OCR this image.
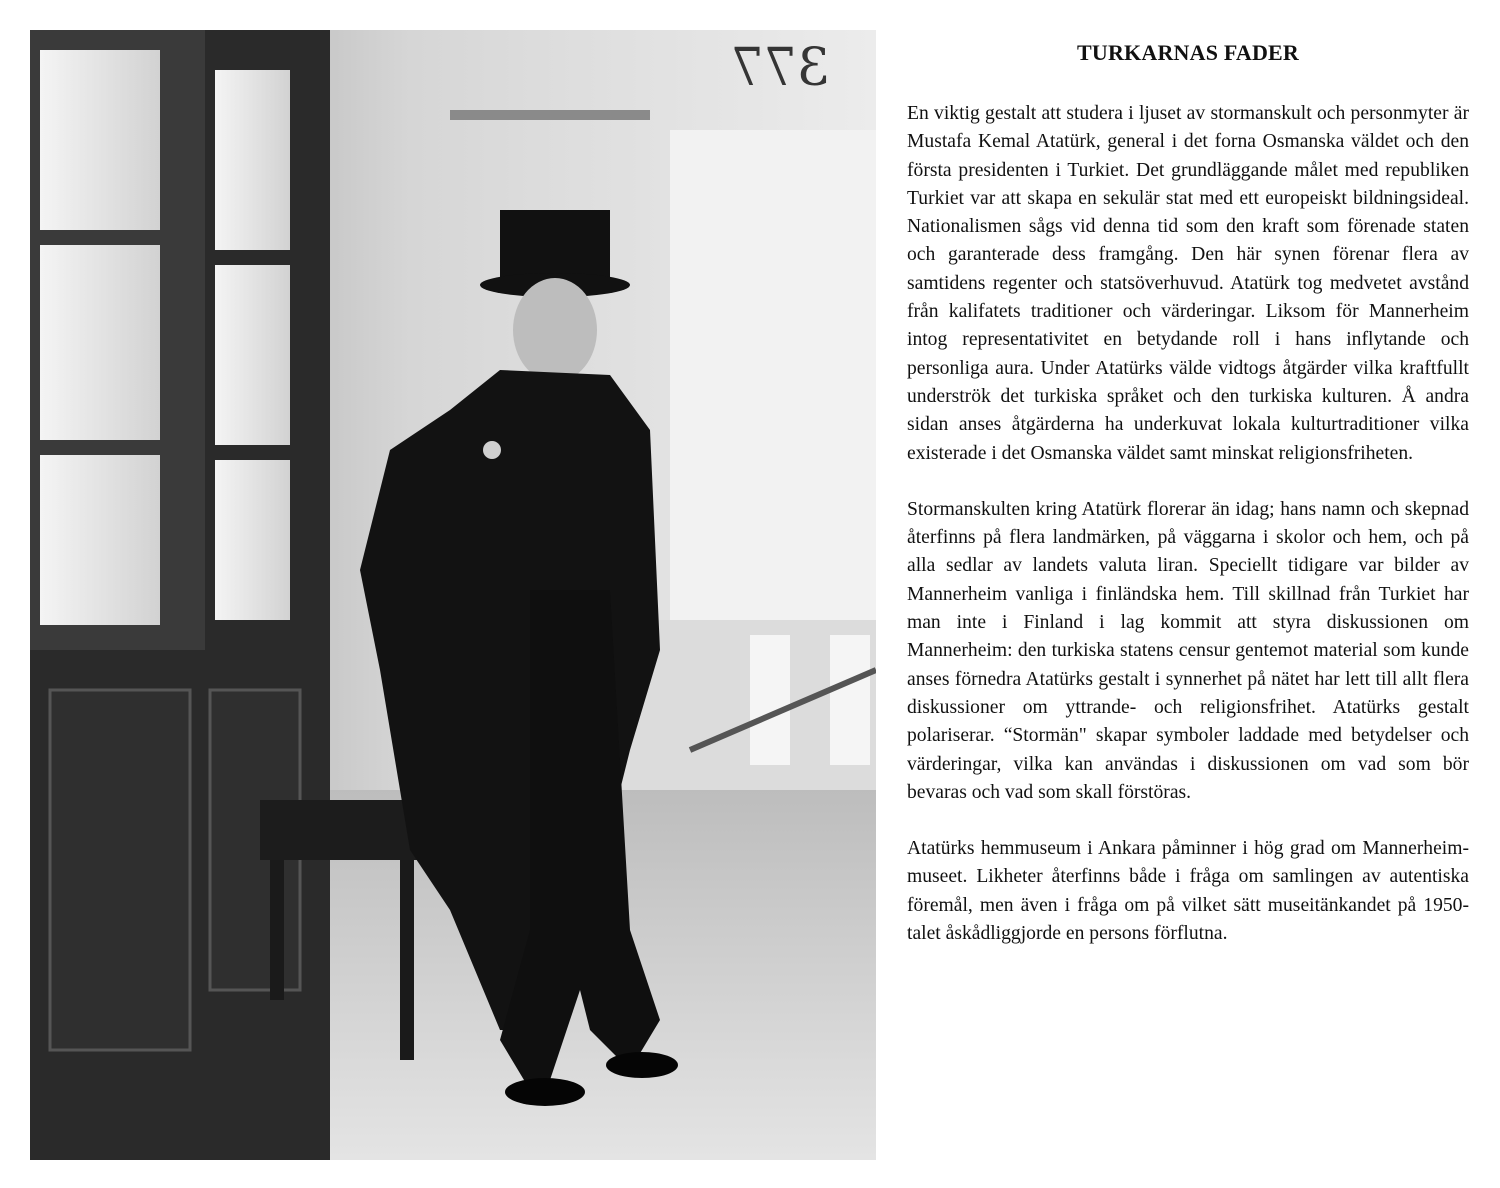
377	TURKARNAS FADER

En viktig gestalt att studera i ljuset av stormanskult och personmyter är Mustafa Kemal Atatürk, general i det forna Osmanska väldet och den första presidenten i Turkiet. Det grundläggande målet med republiken Turkiet var att skapa en sekulär stat med ett europeiskt bildningsideal. Nationalismen sågs vid denna tid som den kraft som förenade staten och garanterade dess framgång. Den här synen förenar flera av samtidens regenter och statsöverhuvud. Atatürk tog medvetet avstånd från kalifatets traditioner och värderingar. Liksom för Mannerheim intog representativitet en betydande roll i hans inflytande och personliga aura. Under Atatürks välde vidtogs åtgärder vilka kraftfullt underströk det turkiska språket och den turkiska kulturen. Å andra sidan anses åtgärderna ha underkuvat lokala kulturtraditioner vilka existerade i det Osmanska väldet samt minskat religionsfriheten.

Stormanskulten kring Atatürk florerar än idag; hans namn och skepnad återfinns på flera landmärken, på väggarna i skolor och hem, och på alla sedlar av landets valuta liran. Speciellt tidigare var bilder av Mannerheim vanliga i finländska hem. Till skillnad från Turkiet har man inte i Finland i lag kommit att styra diskussionen om Mannerheim: den turkiska statens censur gentemot material som kunde anses förnedra Atatürks gestalt i synnerhet på nätet har lett till allt flera diskussioner om yttrande- och religionsfrihet. Atatürks gestalt polariserar. “Stormän" skapar symboler laddade med betydelser och värderingar, vilka kan användas i diskussionen om vad som bör bevaras och vad som skall förstöras.

Atatürks hemmuseum i Ankara påminner i hög grad om Mannerheim-museet. Likheter återfinns både i fråga om samlingen av autentiska föremål, men även i fråga om på vilket sätt museitänkandet på 1950-talet åskådliggjorde en persons förflutna.
